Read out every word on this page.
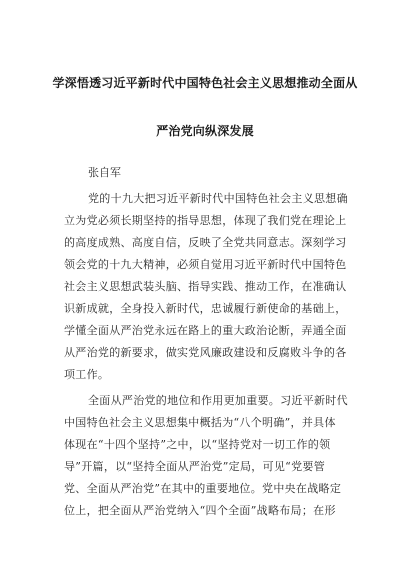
学深悟透习近平新时代中国特色社会主义思想推动全面从
严治党向纵深发展
张自军
党的十九大把习近平新时代中国特色社会主义思想确
立为党必须长期坚持的指导思想，体现了我们党在理论上
的高度成熟、高度自信，反映了全党共同意志。深刻学习
领会党的十九大精神，必须自觉用习近平新时代中国特色
社会主义思想武装头脑、指导实践、推动工作，在准确认
识新成就，全身投入新时代，忠诚履行新使命的基础上，
学懂全面从严治党永远在路上的重大政治论断，弄通全面
从严治党的新要求，做实党风廉政建设和反腐败斗争的各
项工作。
全面从严治党的地位和作用更加重要。习近平新时代
中国特色社会主义思想集中概括为“八个明确”，并具体
体现在“十四个坚持”之中，以“坚持党对一切工作的领
导”开篇，以“坚持全面从严治党”定局，可见“党要管
党、全面从严治党”在其中的重要地位。党中央在战略定
位上，把全面从严治党纳入“四个全面”战略布局；在形
